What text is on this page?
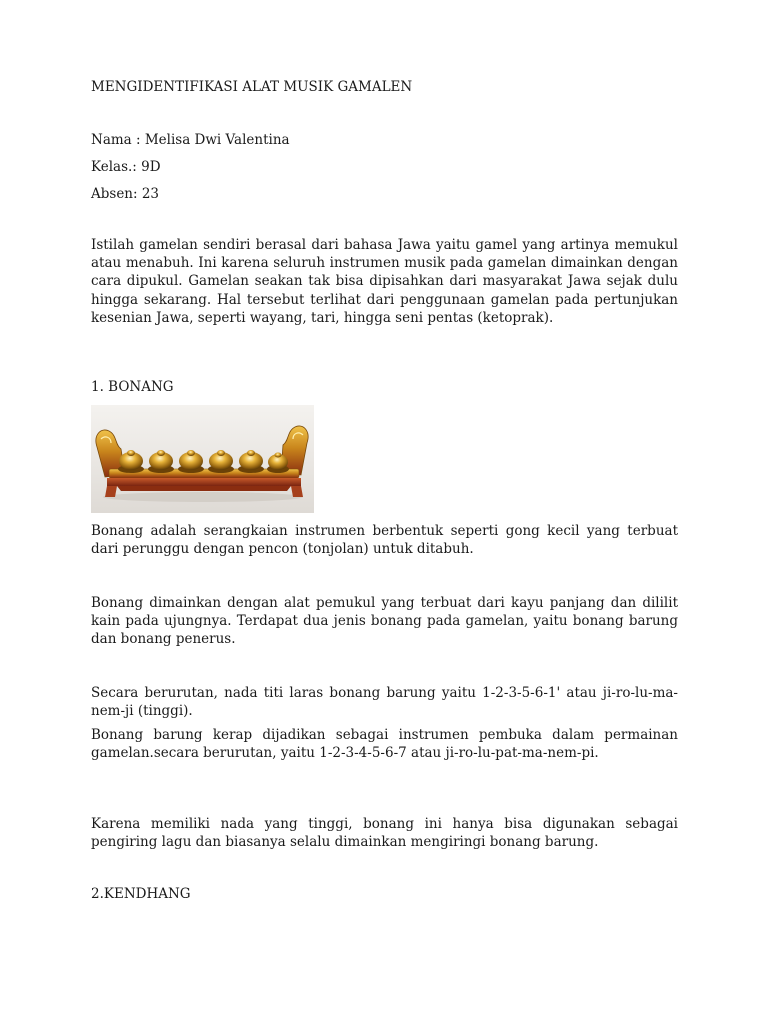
MENGIDENTIFIKASI ALAT MUSIK GAMALEN
Nama : Melisa Dwi Valentina
Kelas.: 9D
Absen: 23
Istilah gamelan sendiri berasal dari bahasa Jawa yaitu gamel yang artinya memukul atau menabuh. Ini karena seluruh instrumen musik pada gamelan dimainkan dengan cara dipukul. Gamelan seakan tak bisa dipisahkan dari masyarakat Jawa sejak dulu hingga sekarang. Hal tersebut terlihat dari penggunaan gamelan pada pertunjukan kesenian Jawa, seperti wayang, tari, hingga seni pentas (ketoprak).
1. BONANG
Bonang adalah serangkaian instrumen berbentuk seperti gong kecil yang terbuat dari perunggu dengan pencon (tonjolan) untuk ditabuh.
Bonang dimainkan dengan alat pemukul yang terbuat dari kayu panjang dan dililit kain pada ujungnya. Terdapat dua jenis bonang pada gamelan, yaitu bonang barung dan bonang penerus.
Secara berurutan, nada titi laras bonang barung yaitu 1-2-3-5-6-1' atau ji-ro-lu-ma-nem-ji (tinggi).
Bonang barung kerap dijadikan sebagai instrumen pembuka dalam permainan gamelan.secara berurutan, yaitu 1-2-3-4-5-6-7 atau ji-ro-lu-pat-ma-nem-pi.
Karena memiliki nada yang tinggi, bonang ini hanya bisa digunakan sebagai pengiring lagu dan biasanya selalu dimainkan mengiringi bonang barung.
2.KENDHANG
